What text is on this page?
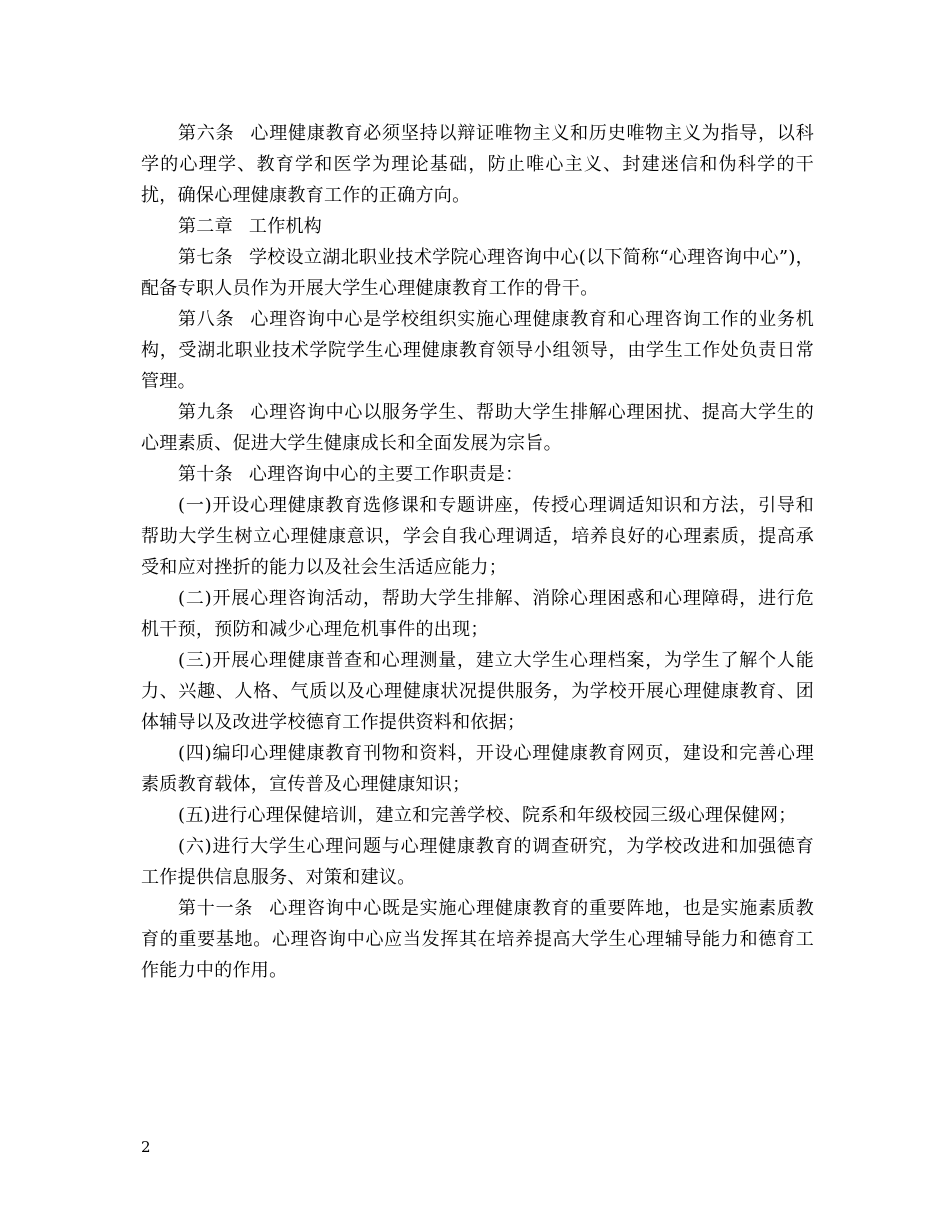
第六条 心理健康教育必须坚持以辩证唯物主义和历史唯物主义为指导，以科学的心理学、教育学和医学为理论基础，防止唯心主义、封建迷信和伪科学的干扰，确保心理健康教育工作的正确方向。

第二章 工作机构

第七条 学校设立湖北职业技术学院心理咨询中心(以下简称“心理咨询中心”)，配备专职人员作为开展大学生心理健康教育工作的骨干。

第八条 心理咨询中心是学校组织实施心理健康教育和心理咨询工作的业务机构，受湖北职业技术学院学生心理健康教育领导小组领导，由学生工作处负责日常管理。

第九条 心理咨询中心以服务学生、帮助大学生排解心理困扰、提高大学生的心理素质、促进大学生健康成长和全面发展为宗旨。

第十条 心理咨询中心的主要工作职责是：

(一)开设心理健康教育选修课和专题讲座，传授心理调适知识和方法，引导和帮助大学生树立心理健康意识，学会自我心理调适，培养良好的心理素质，提高承受和应对挫折的能力以及社会生活适应能力；

(二)开展心理咨询活动，帮助大学生排解、消除心理困惑和心理障碍，进行危机干预，预防和减少心理危机事件的出现；

(三)开展心理健康普查和心理测量，建立大学生心理档案，为学生了解个人能力、兴趣、人格、气质以及心理健康状况提供服务，为学校开展心理健康教育、团体辅导以及改进学校德育工作提供资料和依据；

(四)编印心理健康教育刊物和资料，开设心理健康教育网页，建设和完善心理素质教育载体，宣传普及心理健康知识；

(五)进行心理保健培训，建立和完善学校、院系和年级校园三级心理保健网；

(六)进行大学生心理问题与心理健康教育的调查研究，为学校改进和加强德育工作提供信息服务、对策和建议。

第十一条 心理咨询中心既是实施心理健康教育的重要阵地，也是实施素质教育的重要基地。心理咨询中心应当发挥其在培养提高大学生心理辅导能力和德育工作能力中的作用。

2
